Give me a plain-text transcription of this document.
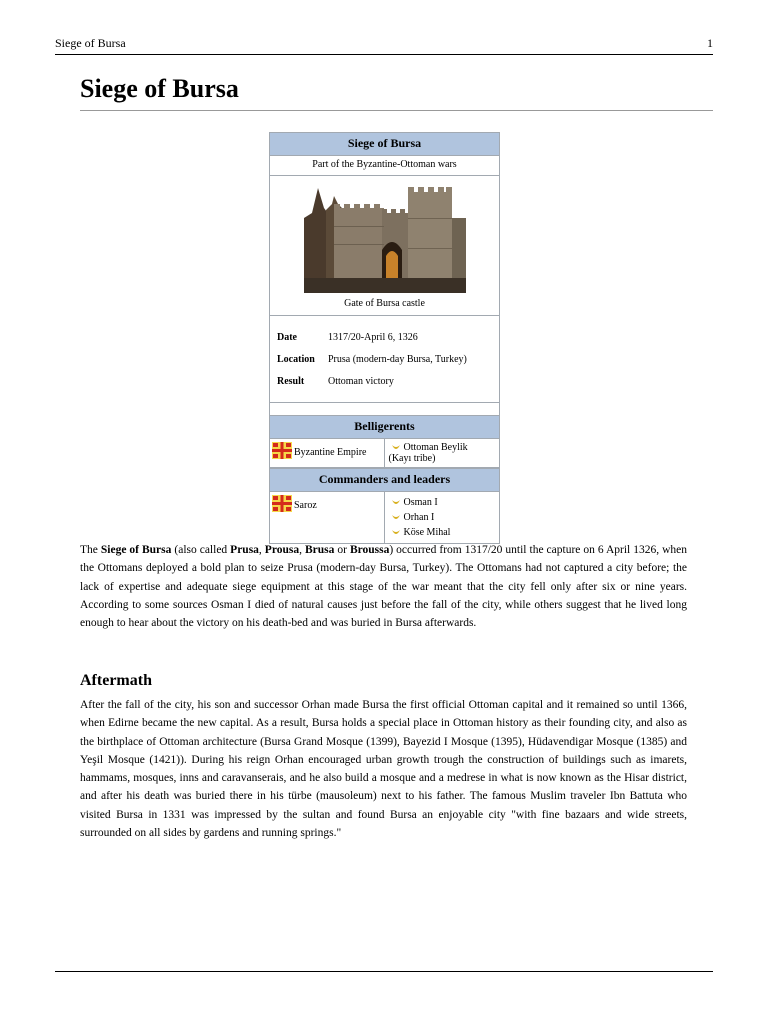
Siege of Bursa	1
Siege of Bursa
Siege of Bursa
Part of the Byzantine-Ottoman wars
Gate of Bursa castle
Date	1317/20-April 6, 1326
Location	Prusa (modern-day Bursa, Turkey)
Result	Ottoman victory
Belligerents
Byzantine Empire	Ottoman Beylik
(Kayı tribe)
Commanders and leaders
Saroz	Osman I
Orhan I
Köse Mihal

The Siege of Bursa (also called Prusa, Prousa, Brusa or Broussa) occurred from 1317/20 until the capture on 6 April 1326, when the Ottomans deployed a bold plan to seize Prusa (modern-day Bursa, Turkey). The Ottomans had not captured a city before; the lack of expertise and adequate siege equipment at this stage of the war meant that the city fell only after six or nine years. According to some sources Osman I died of natural causes just before the fall of the city, while others suggest that he lived long enough to hear about the victory on his death-bed and was buried in Bursa afterwards.

Aftermath

After the fall of the city, his son and successor Orhan made Bursa the first official Ottoman capital and it remained so until 1366, when Edirne became the new capital. As a result, Bursa holds a special place in Ottoman history as their founding city, and also as the birthplace of Ottoman architecture (Bursa Grand Mosque (1399), Bayezid I Mosque (1395), Hüdavendigar Mosque (1385) and Yeşil Mosque (1421)). During his reign Orhan encouraged urban growth trough the construction of buildings such as imarets, hammams, mosques, inns and caravanserais, and he also build a mosque and a medrese in what is now known as the Hisar district, and after his death was buried there in his türbe (mausoleum) next to his father. The famous Muslim traveler Ibn Battuta who visited Bursa in 1331 was impressed by the sultan and found Bursa an enjoyable city "with fine bazaars and wide streets, surrounded on all sides by gardens and running springs."
